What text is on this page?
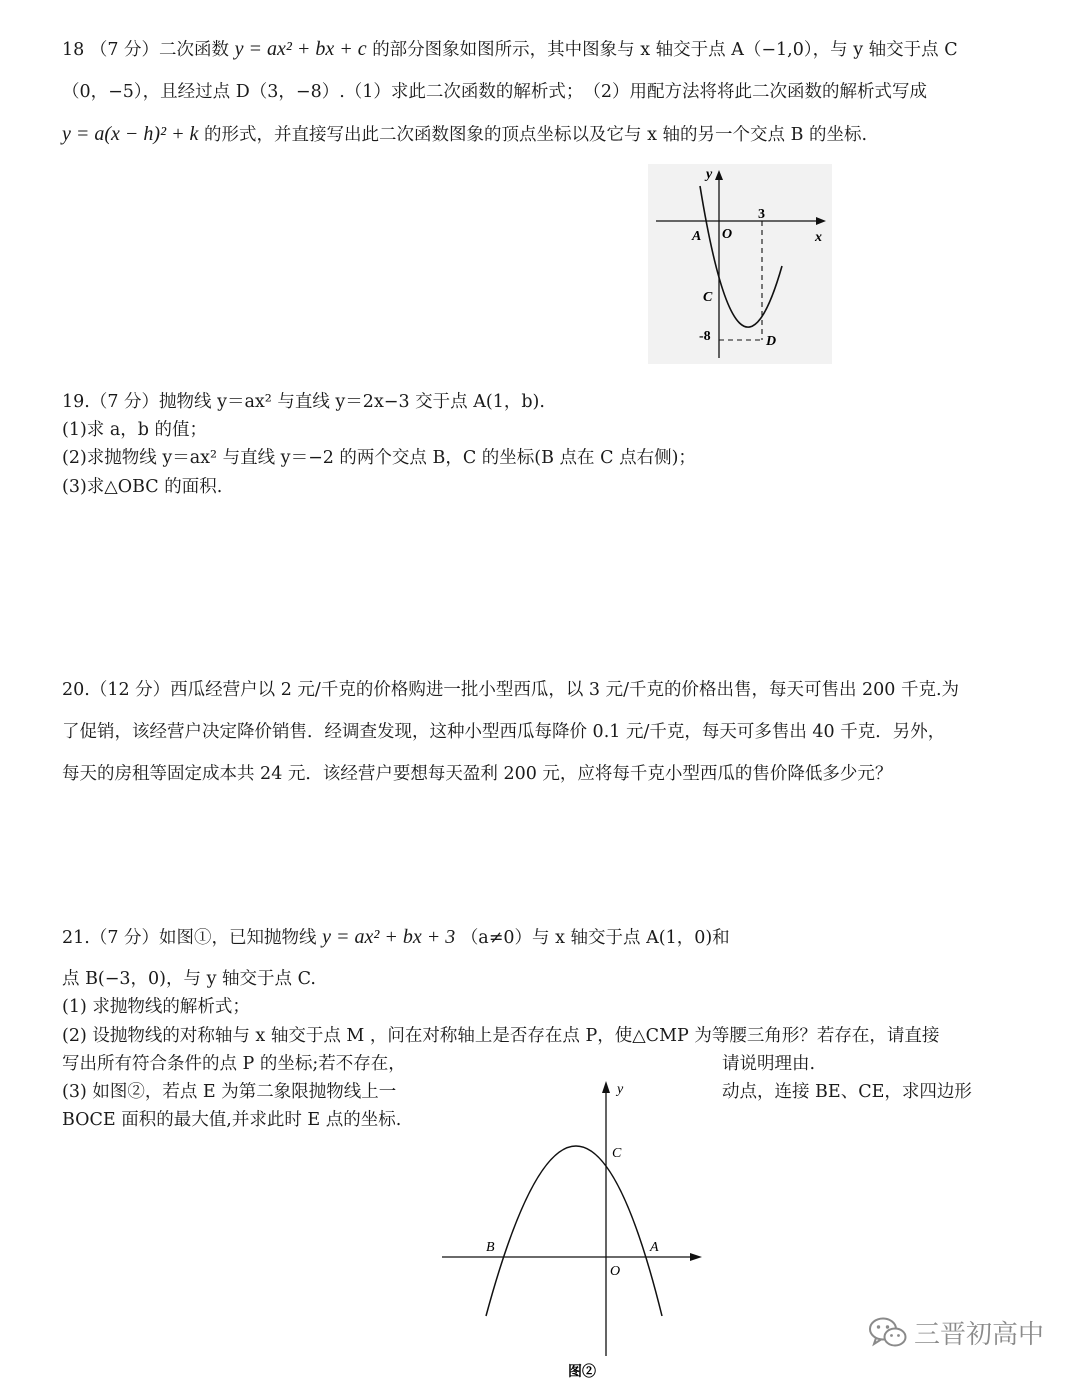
18 （7 分）二次函数 y = ax² + bx + c 的部分图象如图所示，其中图象与 x 轴交于点 A（−1,0），与 y 轴交于点 C
（0，−5），且经过点 D（3，−8）.（1）求此二次函数的解析式；　（2）用配方法将将此二次函数的解析式写成
y = a(x − h)² + k 的形式，并直接写出此二次函数图象的顶点坐标以及它与 x 轴的另一个交点 B 的坐标.
y
x
3
A O
C
-8	D
19.（7 分）抛物线 y＝ax² 与直线 y＝2x−3 交于点 A(1，b).
(1)求 a，b 的值；
(2)求抛物线 y＝ax² 与直线 y＝−2 的两个交点 B，C 的坐标(B 点在 C 点右侧)；
(3)求△OBC 的面积.
20.（12 分）西瓜经营户以 2 元/千克的价格购进一批小型西瓜，以 3 元/千克的价格出售，每天可售出 200 千克.为
了促销，该经营户决定降价销售．经调查发现，这种小型西瓜每降价 0.1 元/千克，每天可多售出 40 千克．另外，
每天的房租等固定成本共 24 元．该经营户要想每天盈利 200 元，应将每千克小型西瓜的售价降低多少元？
21.（7 分）如图①，已知抛物线 y = ax² + bx + 3 （a≠0）与 x 轴交于点 A(1，0)和
点 B(−3，0)，与 y 轴交于点 C.
(1) 求抛物线的解析式；
(2) 设抛物线的对称轴与 x 轴交于点 M ，问在对称轴上是否存在点 P，使△CMP 为等腰三角形？若存在，请直接
写出所有符合条件的点 P 的坐标;若不存在，	请说明理由.
(3) 如图②，若点 E 为第二象限抛物线上一	动点，连接 BE、CE，求四边形
BOCE 面积的最大值,并求此时 E 点的坐标.
y
C
B	A
O
图②
三晋初高中
